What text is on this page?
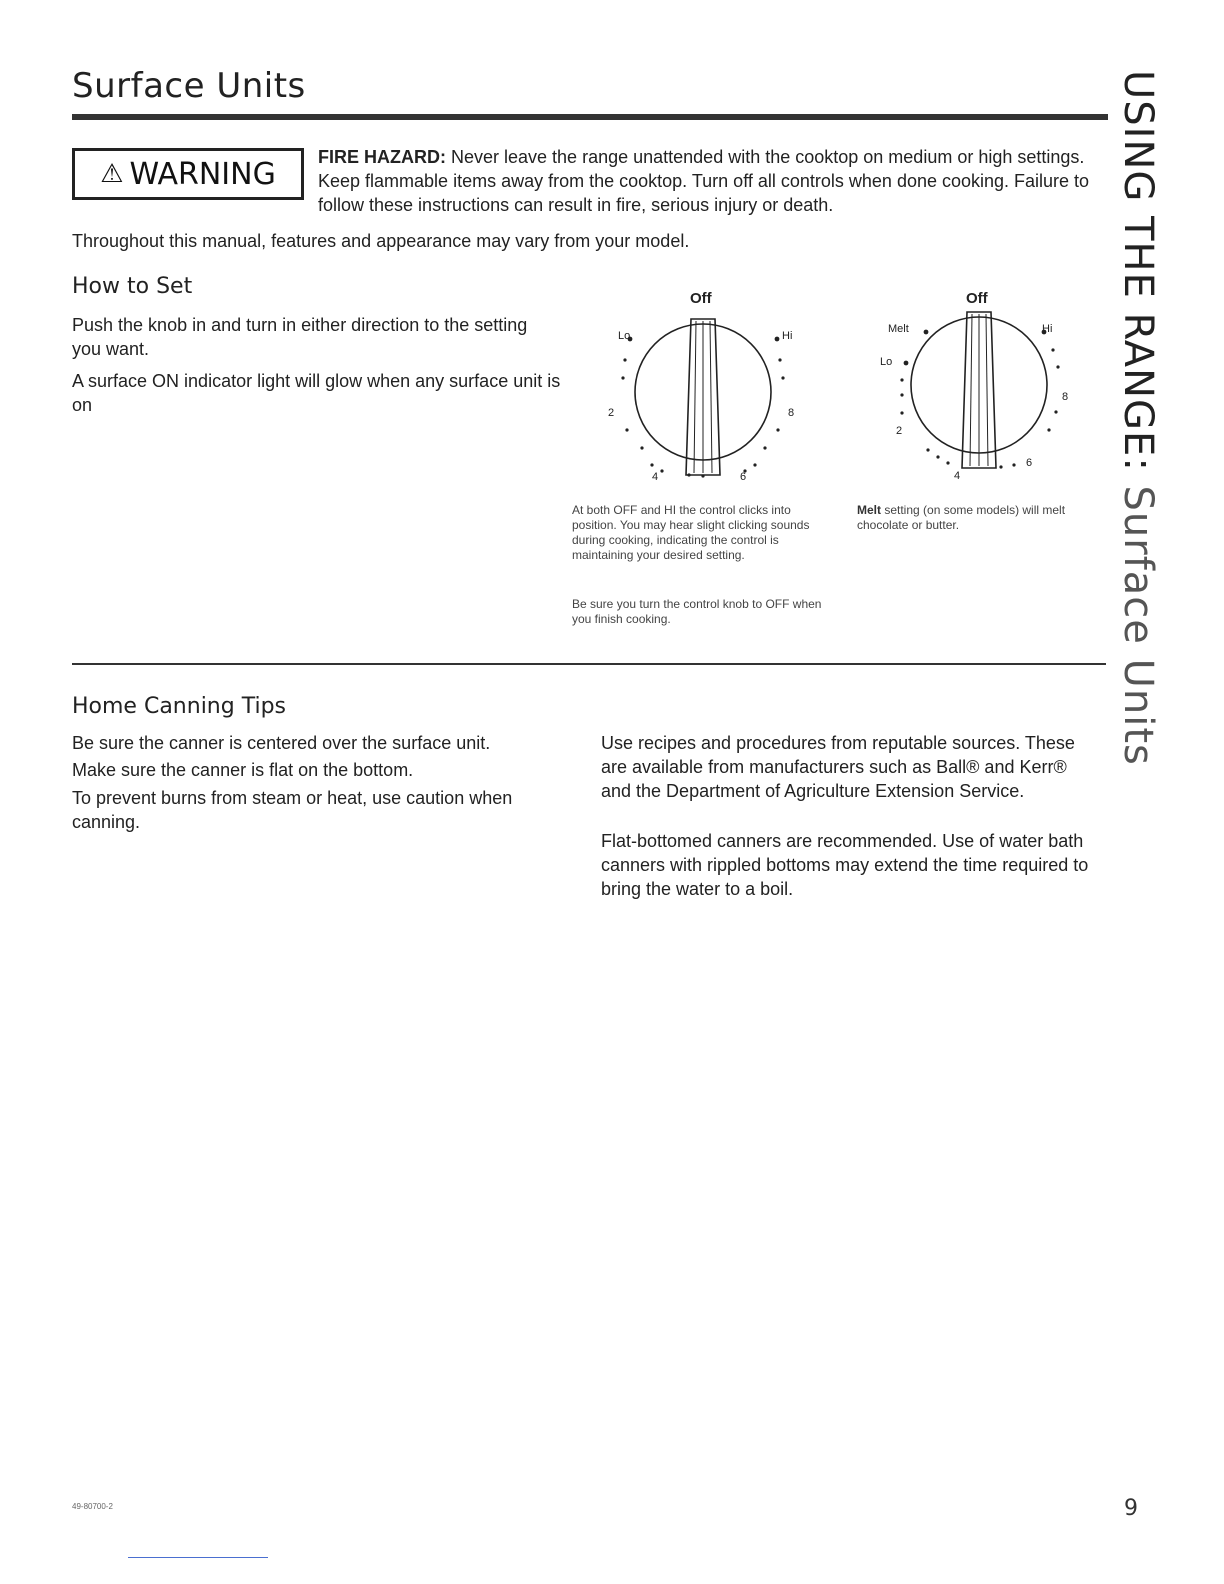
Surface Units
⚠ WARNING FIRE HAZARD: Never leave the range unattended with the cooktop on medium or high settings. Keep flammable items away from the cooktop. Turn off all controls when done cooking. Failure to follow these instructions can result in fire, serious injury or death.
Throughout this manual, features and appearance may vary from your model.
How to Set
Push the knob in and turn in either direction to the setting you want.
A surface ON indicator light will glow when any surface unit is on
Off
Lo	Hi
2	8
4	6
At both OFF and HI the control clicks into position. You may hear slight clicking sounds during cooking, indicating the control is maintaining your desired setting.
Be sure you turn the control knob to OFF when you finish cooking.
Off
Melt
Lo
Hi
8
2
4
6
Melt setting (on some models) will melt chocolate or butter.
Home Canning Tips
Be sure the canner is centered over the surface unit.
Make sure the canner is flat on the bottom.
To prevent burns from steam or heat, use caution when canning.
Use recipes and procedures from reputable sources. These are available from manufacturers such as Ball® and Kerr® and the Department of Agriculture Extension Service.
Flat-bottomed canners are recommended. Use of water bath canners with rippled bottoms may extend the time required to bring the water to a boil.
USING THE RANGE: Surface Units
49-80700-2	9
